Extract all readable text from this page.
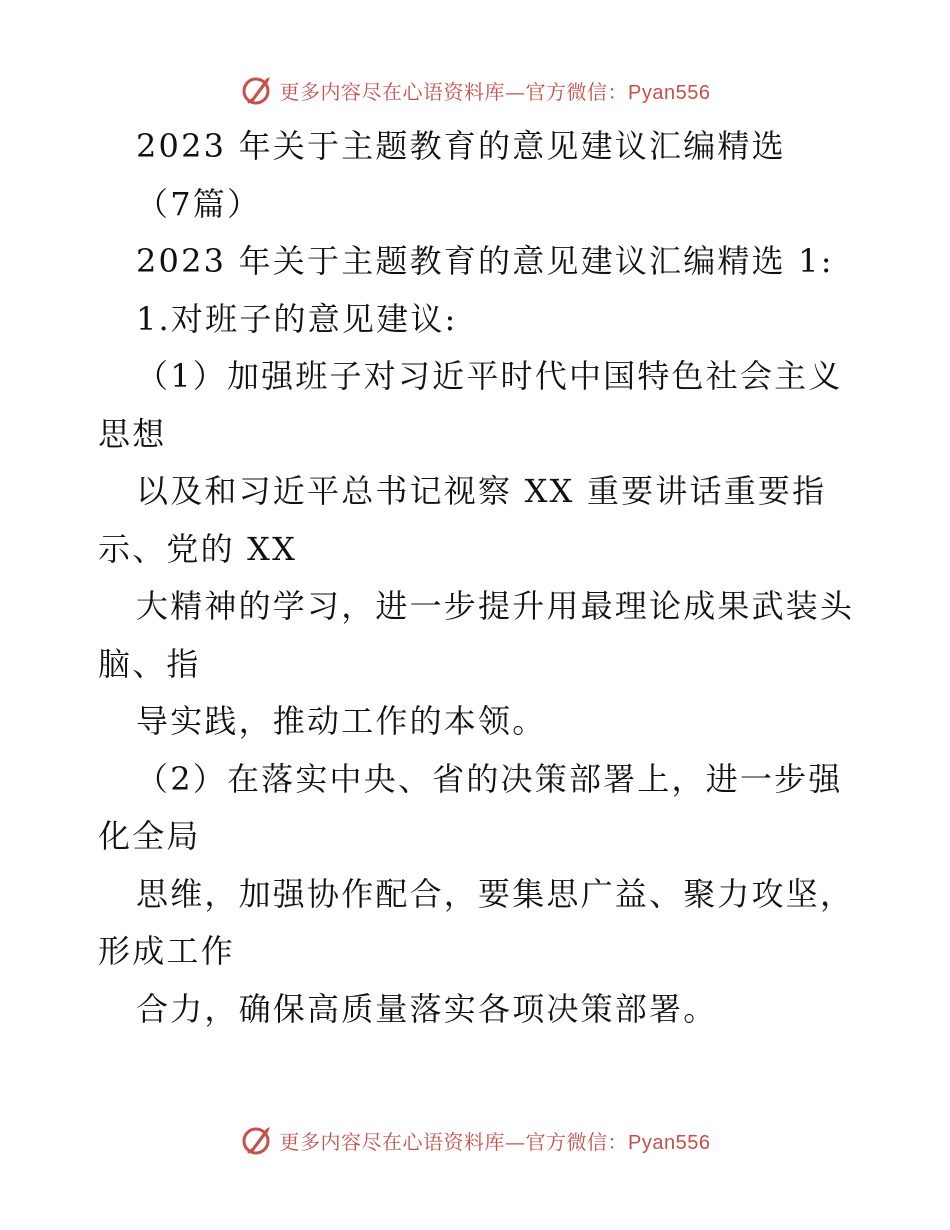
更多内容尽在心语资料库—官方微信：Pyan556
2023 年关于主题教育的意见建议汇编精选
（7篇）
2023 年关于主题教育的意见建议汇编精选 1:
1.对班子的意见建议:
（1）加强班子对习近平时代中国特色社会主义
思想
以及和习近平总书记视察 XX 重要讲话重要指
示、党的 XX
大精神的学习，进一步提升用最理论成果武装头
脑、指
导实践，推动工作的本领。
（2）在落实中央、省的决策部署上，进一步强
化全局
思维，加强协作配合，要集思广益、聚力攻坚，
形成工作
合力，确保高质量落实各项决策部署。
更多内容尽在心语资料库—官方微信：Pyan556
